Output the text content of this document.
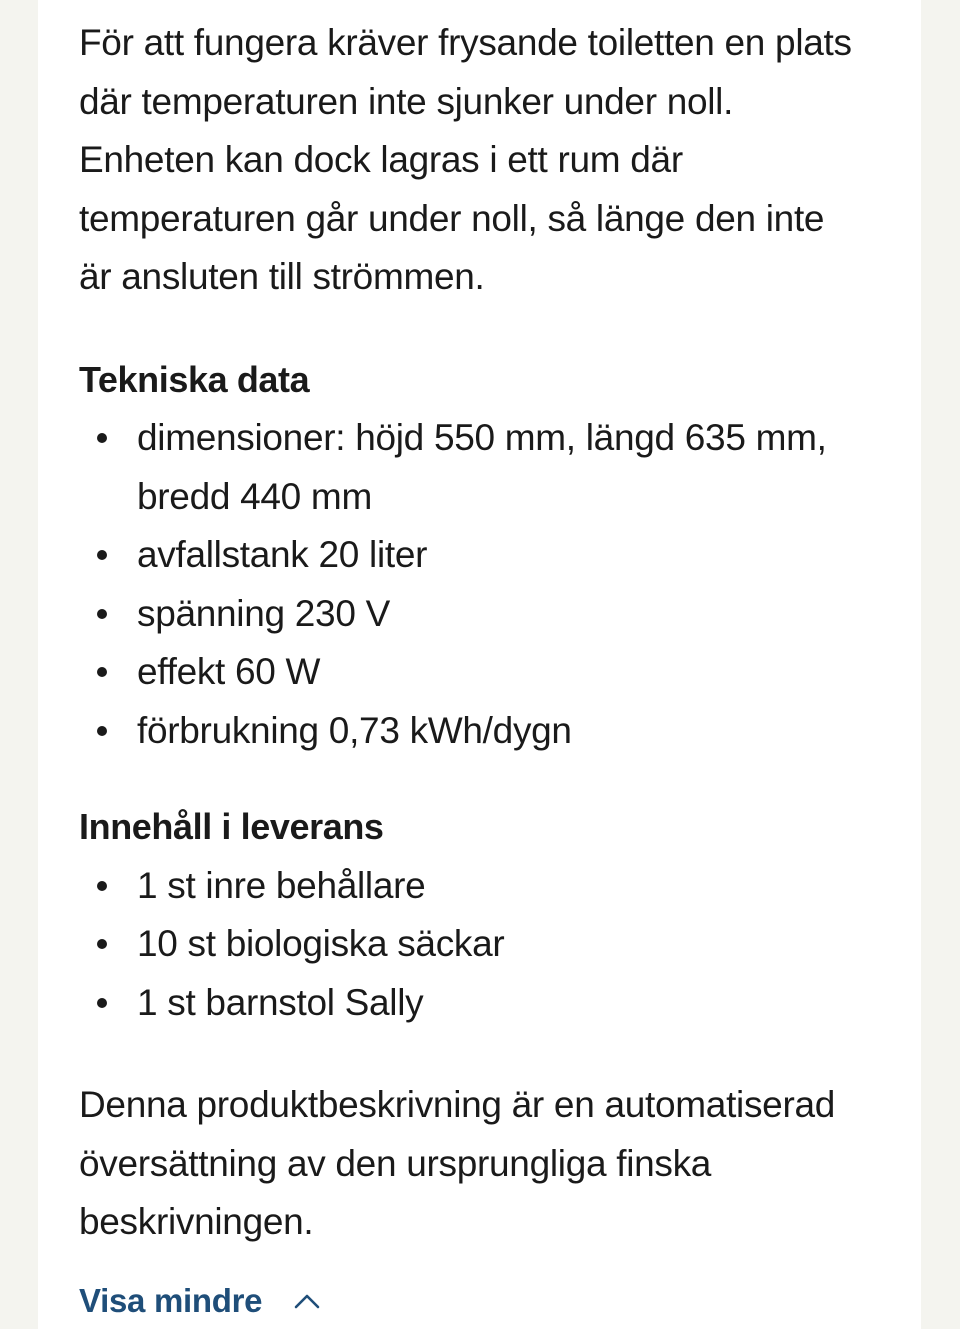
För att fungera kräver frysande toiletten en plats
där temperaturen inte sjunker under noll.
Enheten kan dock lagras i ett rum där
temperaturen går under noll, så länge den inte
är ansluten till strömmen.

Tekniska data
dimensioner: höjd 550 mm, längd 635 mm,
bredd 440 mm
avfallstank 20 liter
spänning 230 V
effekt 60 W
förbrukning 0,73 kWh/dygn
Innehåll i leverans
1 st inre behållare
10 st biologiska säckar
1 st barnstol Sally

Denna produktbeskrivning är en automatiserad
översättning av den ursprungliga finska
beskrivningen.

Visa mindre
